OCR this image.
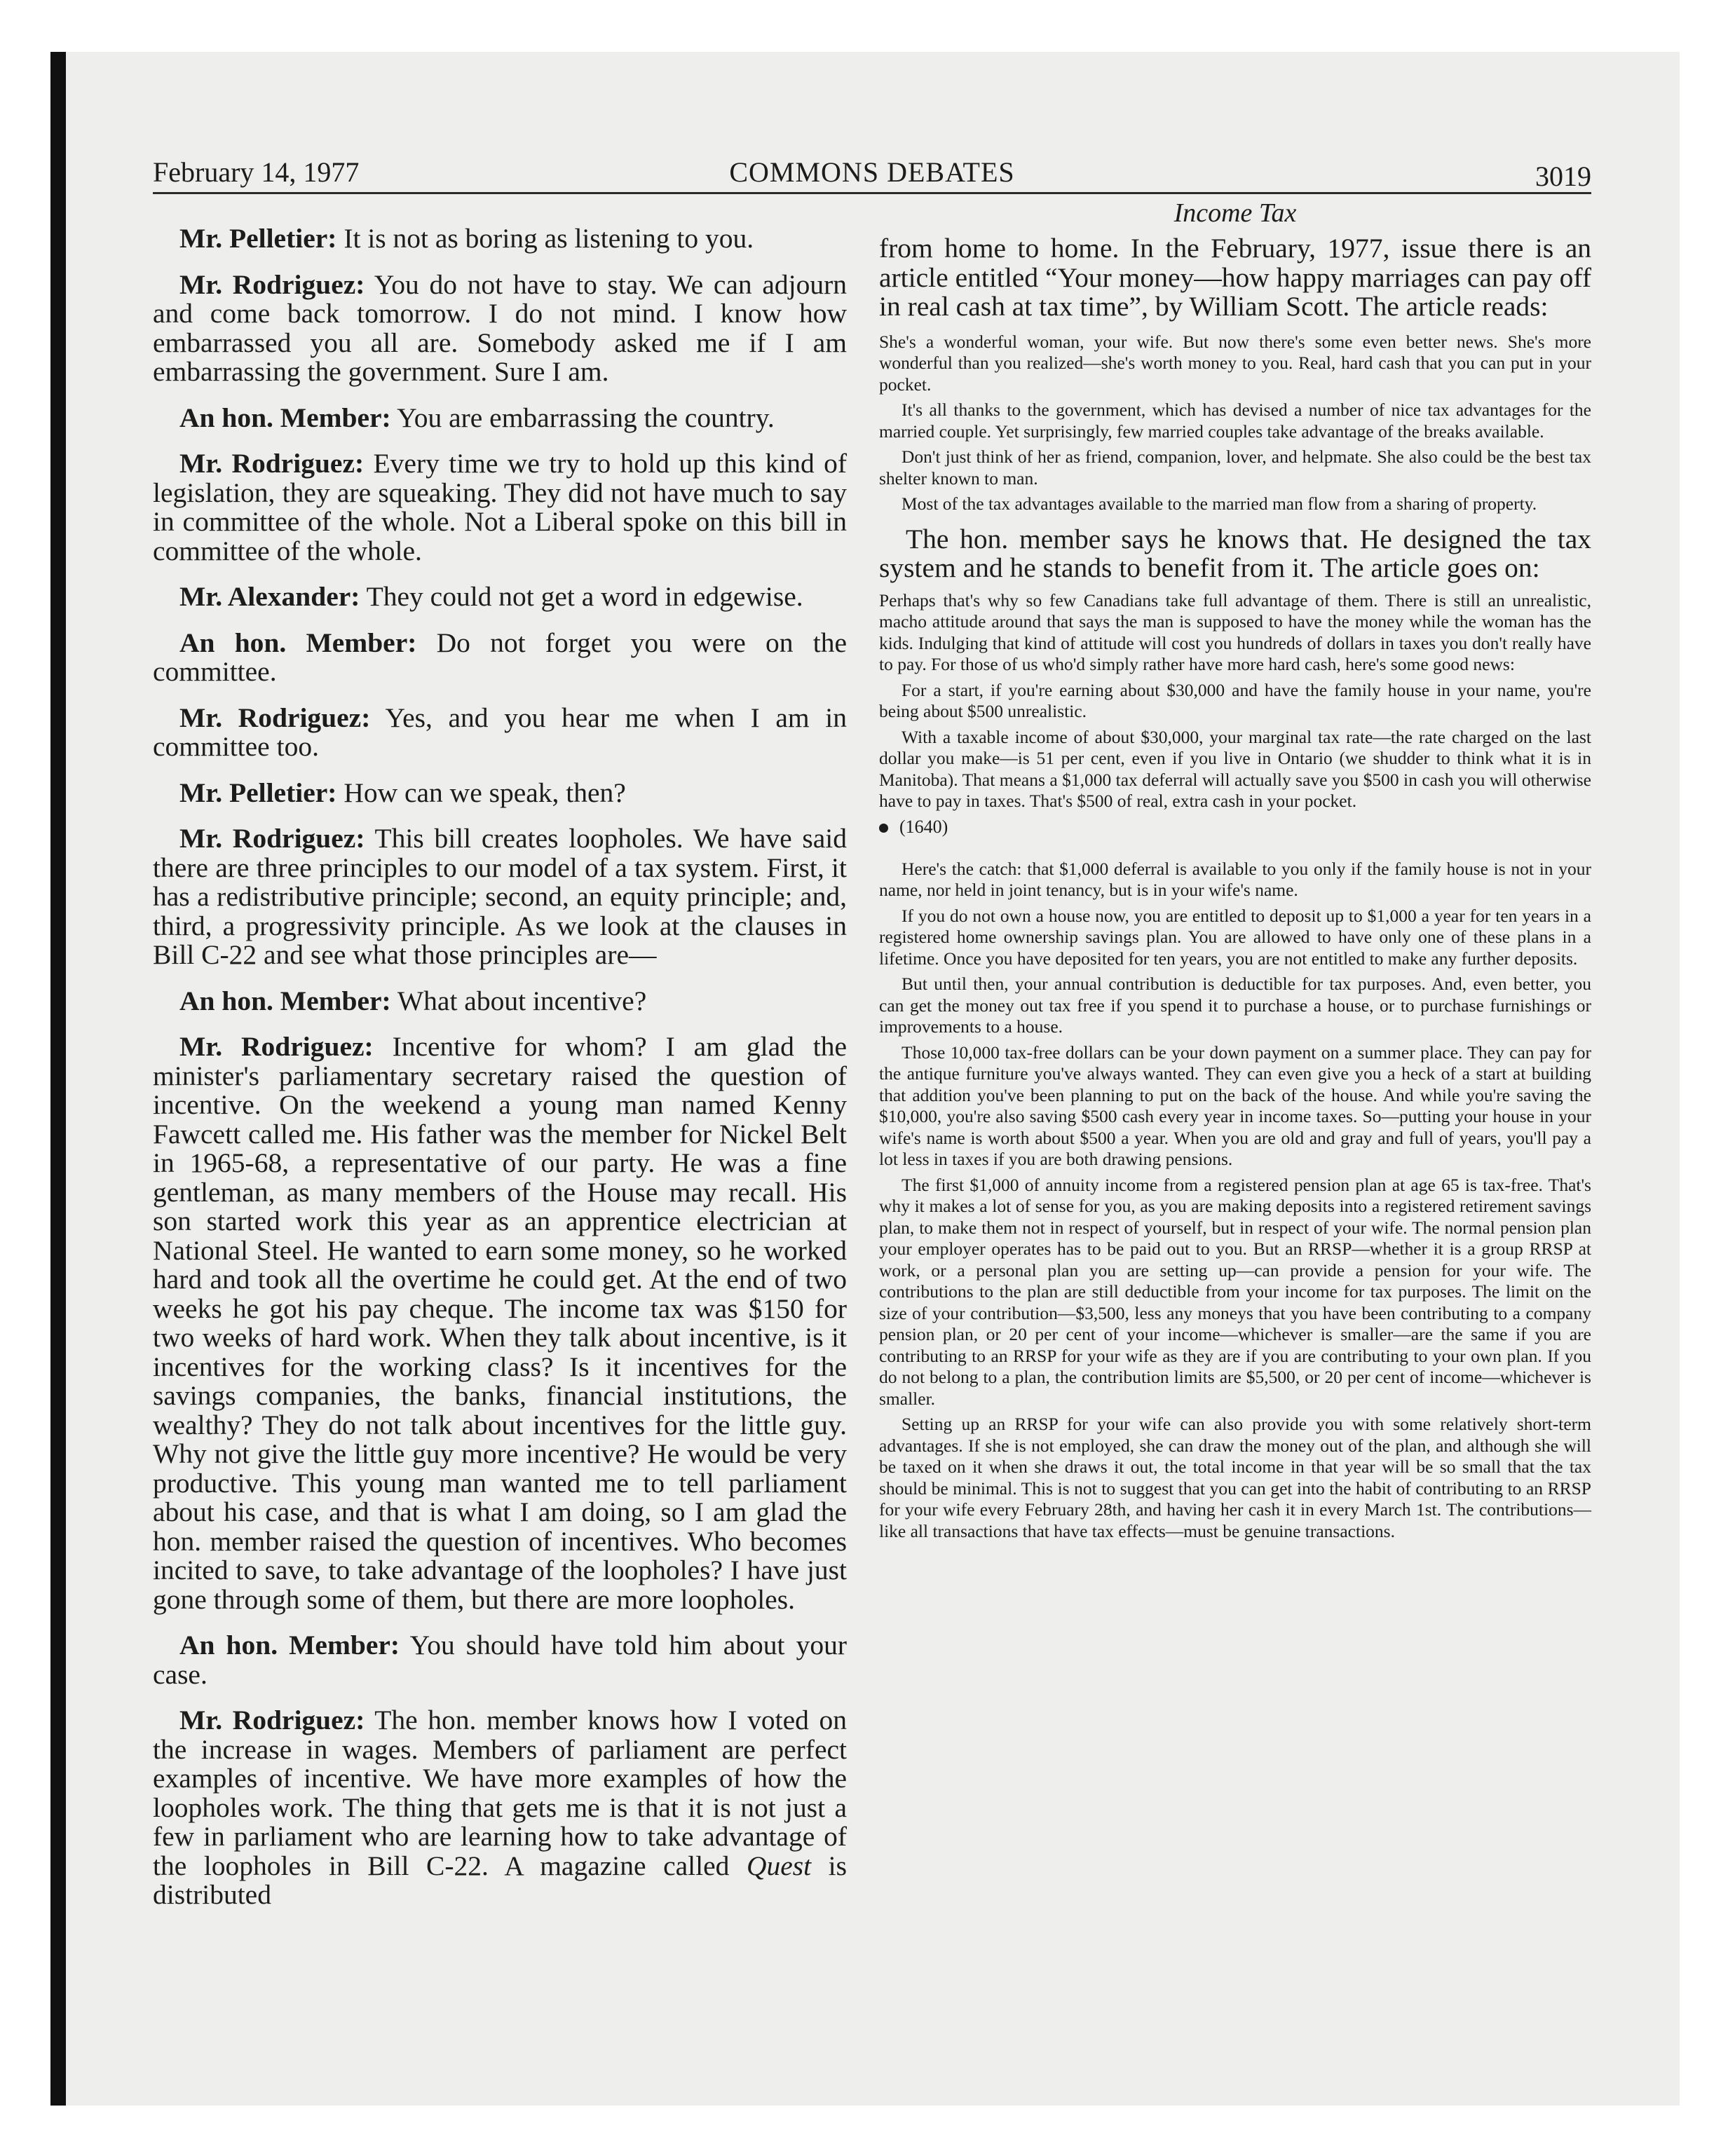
February 14, 1977	COMMONS DEBATES	3019

Mr. Pelletier: It is not as boring as listening to you.

Mr. Rodriguez: You do not have to stay. We can adjourn and come back tomorrow. I do not mind. I know how embarrassed you all are. Somebody asked me if I am embarrassing the government. Sure I am.

An hon. Member: You are embarrassing the country.

Mr. Rodriguez: Every time we try to hold up this kind of legislation, they are squeaking. They did not have much to say in committee of the whole. Not a Liberal spoke on this bill in committee of the whole.

Mr. Alexander: They could not get a word in edgewise.

An hon. Member: Do not forget you were on the committee.

Mr. Rodriguez: Yes, and you hear me when I am in committee too.

Mr. Pelletier: How can we speak, then?

Mr. Rodriguez: This bill creates loopholes. We have said there are three principles to our model of a tax system. First, it has a redistributive principle; second, an equity principle; and, third, a progressivity principle. As we look at the clauses in Bill C-22 and see what those principles are—

An hon. Member: What about incentive?

Mr. Rodriguez: Incentive for whom? I am glad the minister's parliamentary secretary raised the question of incentive. On the weekend a young man named Kenny Fawcett called me. His father was the member for Nickel Belt in 1965-68, a representative of our party. He was a fine gentleman, as many members of the House may recall. His son started work this year as an apprentice electrician at National Steel. He wanted to earn some money, so he worked hard and took all the overtime he could get. At the end of two weeks he got his pay cheque. The income tax was $150 for two weeks of hard work. When they talk about incentive, is it incentives for the working class? Is it incentives for the savings companies, the banks, financial institutions, the wealthy? They do not talk about incentives for the little guy. Why not give the little guy more incentive? He would be very productive. This young man wanted me to tell parliament about his case, and that is what I am doing, so I am glad the hon. member raised the question of incentives. Who becomes incited to save, to take advantage of the loopholes? I have just gone through some of them, but there are more loopholes.

An hon. Member: You should have told him about your case.

Mr. Rodriguez: The hon. member knows how I voted on the increase in wages. Members of parliament are perfect examples of incentive. We have more examples of how the loopholes work. The thing that gets me is that it is not just a few in parliament who are learning how to take advantage of the loopholes in Bill C-22. A magazine called Quest is distributed

Income Tax

from home to home. In the February, 1977, issue there is an article entitled “Your money—how happy marriages can pay off in real cash at tax time”, by William Scott. The article reads:

She's a wonderful woman, your wife. But now there's some even better news. She's more wonderful than you realized—she's worth money to you. Real, hard cash that you can put in your pocket.

It's all thanks to the government, which has devised a number of nice tax advantages for the married couple. Yet surprisingly, few married couples take advantage of the breaks available.

Don't just think of her as friend, companion, lover, and helpmate. She also could be the best tax shelter known to man.

Most of the tax advantages available to the married man flow from a sharing of property.

The hon. member says he knows that. He designed the tax system and he stands to benefit from it. The article goes on:

Perhaps that's why so few Canadians take full advantage of them. There is still an unrealistic, macho attitude around that says the man is supposed to have the money while the woman has the kids. Indulging that kind of attitude will cost you hundreds of dollars in taxes you don't really have to pay. For those of us who'd simply rather have more hard cash, here's some good news:

For a start, if you're earning about $30,000 and have the family house in your name, you're being about $500 unrealistic.

With a taxable income of about $30,000, your marginal tax rate—the rate charged on the last dollar you make—is 51 per cent, even if you live in Ontario (we shudder to think what it is in Manitoba). That means a $1,000 tax deferral will actually save you $500 in cash you will otherwise have to pay in taxes. That's $500 of real, extra cash in your pocket.

(1640)

Here's the catch: that $1,000 deferral is available to you only if the family house is not in your name, nor held in joint tenancy, but is in your wife's name.

If you do not own a house now, you are entitled to deposit up to $1,000 a year for ten years in a registered home ownership savings plan. You are allowed to have only one of these plans in a lifetime. Once you have deposited for ten years, you are not entitled to make any further deposits.

But until then, your annual contribution is deductible for tax purposes. And, even better, you can get the money out tax free if you spend it to purchase a house, or to purchase furnishings or improvements to a house.

Those 10,000 tax-free dollars can be your down payment on a summer place. They can pay for the antique furniture you've always wanted. They can even give you a heck of a start at building that addition you've been planning to put on the back of the house. And while you're saving the $10,000, you're also saving $500 cash every year in income taxes. So—putting your house in your wife's name is worth about $500 a year. When you are old and gray and full of years, you'll pay a lot less in taxes if you are both drawing pensions.

The first $1,000 of annuity income from a registered pension plan at age 65 is tax-free. That's why it makes a lot of sense for you, as you are making deposits into a registered retirement savings plan, to make them not in respect of yourself, but in respect of your wife. The normal pension plan your employer operates has to be paid out to you. But an RRSP—whether it is a group RRSP at work, or a personal plan you are setting up—can provide a pension for your wife. The contributions to the plan are still deductible from your income for tax purposes. The limit on the size of your contribution—$3,500, less any moneys that you have been contributing to a company pension plan, or 20 per cent of your income—whichever is smaller—are the same if you are contributing to an RRSP for your wife as they are if you are contributing to your own plan. If you do not belong to a plan, the contribution limits are $5,500, or 20 per cent of income—whichever is smaller.

Setting up an RRSP for your wife can also provide you with some relatively short-term advantages. If she is not employed, she can draw the money out of the plan, and although she will be taxed on it when she draws it out, the total income in that year will be so small that the tax should be minimal. This is not to suggest that you can get into the habit of contributing to an RRSP for your wife every February 28th, and having her cash it in every March 1st. The contributions—like all transactions that have tax effects—must be genuine transactions.
